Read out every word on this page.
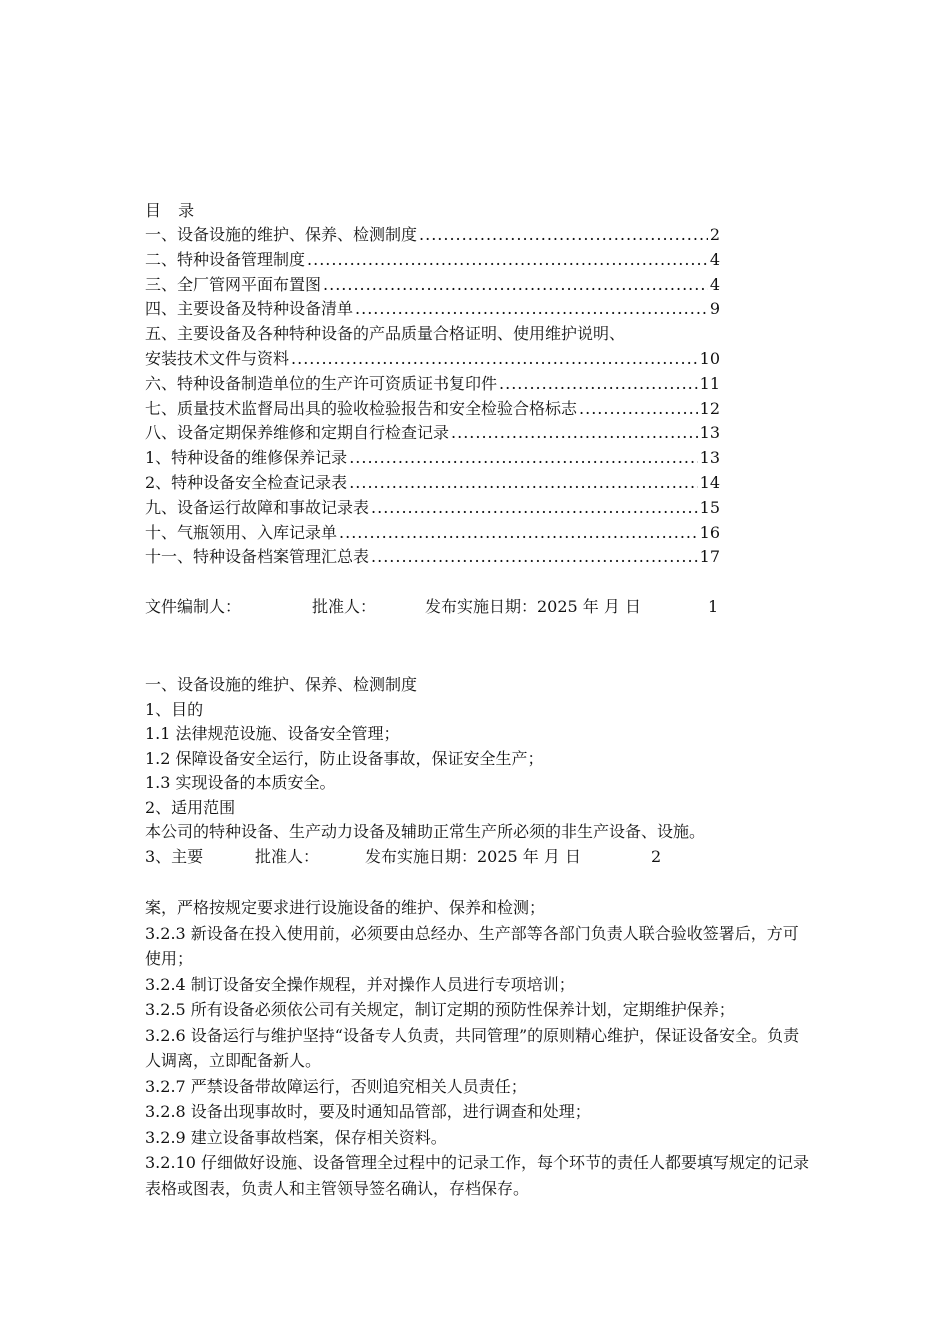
目 录
一、设备设施的维护、保养、检测制度 .....	2
二、特种设备管理制度 .....	4
三、全厂管网平面布置图 .....	4
四、主要设备及特种设备清单 .....	9
五、主要设备及各种特种设备的产品质量合格证明、使用维护说明、
安装技术文件与资料 .....	10
六、特种设备制造单位的生产许可资质证书复印件 .....	11
七、质量技术监督局出具的验收检验报告和安全检验合格标志 .....	12
八、设备定期保养维修和定期自行检查记录 .....	13
1、特种设备的维修保养记录 .....	13
2、特种设备安全检查记录表 .....	14
九、设备运行故障和事故记录表 .....	15
十、气瓶领用、入库记录单 .....	16
十一、特种设备档案管理汇总表 .....	17
文件编制人：	批准人：	发布实施日期：2025 年 月 日	1
一、设备设施的维护、保养、检测制度
1、目的
1.1 法律规范设施、设备安全管理；
1.2 保障设备安全运行，防止设备事故，保证安全生产；
1.3 实现设备的本质安全。
2、适用范围
本公司的特种设备、生产动力设备及辅助正常生产所必须的非生产设备、设施。
3、主要	批准人：	发布实施日期：2025 年 月 日	2
案，严格按规定要求进行设施设备的维护、保养和检测；
3.2.3 新设备在投入使用前，必须要由总经办、生产部等各部门负责人联合验收签署后，方可使用；
3.2.4 制订设备安全操作规程，并对操作人员进行专项培训；
3.2.5 所有设备必须依公司有关规定，制订定期的预防性保养计划，定期维护保养；
3.2.6 设备运行与维护坚持“设备专人负责，共同管理”的原则精心维护，保证设备安全。负责人调离，立即配备新人。
3.2.7 严禁设备带故障运行，否则追究相关人员责任；
3.2.8 设备出现事故时，要及时通知品管部，进行调查和处理；
3.2.9 建立设备事故档案，保存相关资料。
3.2.10 仔细做好设施、设备管理全过程中的记录工作，每个环节的责任人都要填写规定的记录表格或图表，负责人和主管领导签名确认，存档保存。
